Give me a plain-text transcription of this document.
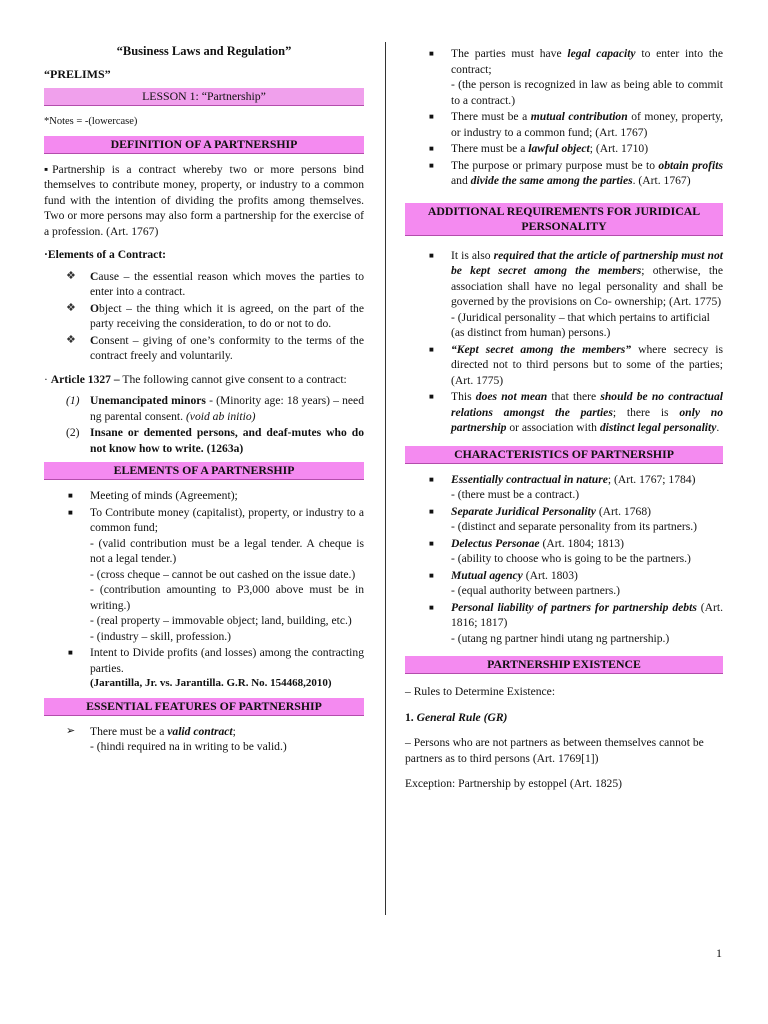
“Business Laws and Regulation”
“PRELIMS”
LESSON 1: “Partnership”
*Notes = -(lowercase)
DEFINITION OF A PARTNERSHIP

▪Partnership is a contract whereby two or more persons bind themselves to contribute money, property, or industry to a common fund with the intention of dividing the profits among themselves. Two or more persons may also form a partnership for the exercise of a profession. (Art. 1767)

·Elements of a Contract:
❖ Cause – the essential reason which moves the parties to enter into a contract.
❖ Object – the thing which it is agreed, on the part of the party receiving the consideration, to do or not to do.
❖ Consent – giving of one’s conformity to the terms of the contract freely and voluntarily.

· Article 1327 – The following cannot give consent to a contract:

(1) Unemancipated minors - (Minority age: 18 years) – need ng parental consent. (void ab initio)
(2) Insane or demented persons, and deaf-mutes who do not know how to write. (1263a)
ELEMENTS OF A PARTNERSHIP
■ Meeting of minds (Agreement);
■ To Contribute money (capitalist), property, or industry to a common fund;
- (valid contribution must be a legal tender. A cheque is not a legal tender.)
- (cross cheque – cannot be out cashed on the issue date.)
- (contribution amounting to P3,000 above must be in writing.)
- (real property – immovable object; land, building, etc.)
- (industry – skill, profession.)
■ Intent to Divide profits (and losses) among the contracting parties.
(Jarantilla, Jr. vs. Jarantilla. G.R. No. 154468,2010)
ESSENTIAL FEATURES OF PARTNERSHIP
➢ There must be a valid contract;
- (hindi required na in writing to be valid.)
■ The parties must have legal capacity to enter into the contract;
- (the person is recognized in law as being able to commit to a contract.)
■ There must be a mutual contribution of money, property, or industry to a common fund; (Art. 1767)
■ There must be a lawful object; (Art. 1710)
■ The purpose or primary purpose must be to obtain profits and divide the same among the parties. (Art. 1767)
ADDITIONAL REQUIREMENTS FOR JURIDICAL PERSONALITY
■ It is also required that the article of partnership must not be kept secret among the members; otherwise, the association shall have no legal personality and shall be governed by the provisions on Co- ownership; (Art. 1775)
- (Juridical personality – that which pertains to artificial (as distinct from human) persons.)
■ “Kept secret among the members” where secrecy is directed not to third persons but to some of the parties; (Art. 1775)
■ This does not mean that there should be no contractual relations amongst the parties; there is only no partnership or association with distinct legal personality.
CHARACTERISTICS OF PARTNERSHIP
■ Essentially contractual in nature; (Art. 1767; 1784)
- (there must be a contract.)
■ Separate Juridical Personality (Art. 1768)
- (distinct and separate personality from its partners.)
■ Delectus Personae (Art. 1804; 1813)
- (ability to choose who is going to be the partners.)
■ Mutual agency (Art. 1803)
- (equal authority between partners.)
■ Personal liability of partners for partnership debts (Art. 1816; 1817)
- (utang ng partner hindi utang ng partnership.)
PARTNERSHIP EXISTENCE

– Rules to Determine Existence:

1. General Rule (GR)

– Persons who are not partners as between themselves cannot be partners as to third persons (Art. 1769[1])

Exception: Partnership by estoppel (Art. 1825)

1
